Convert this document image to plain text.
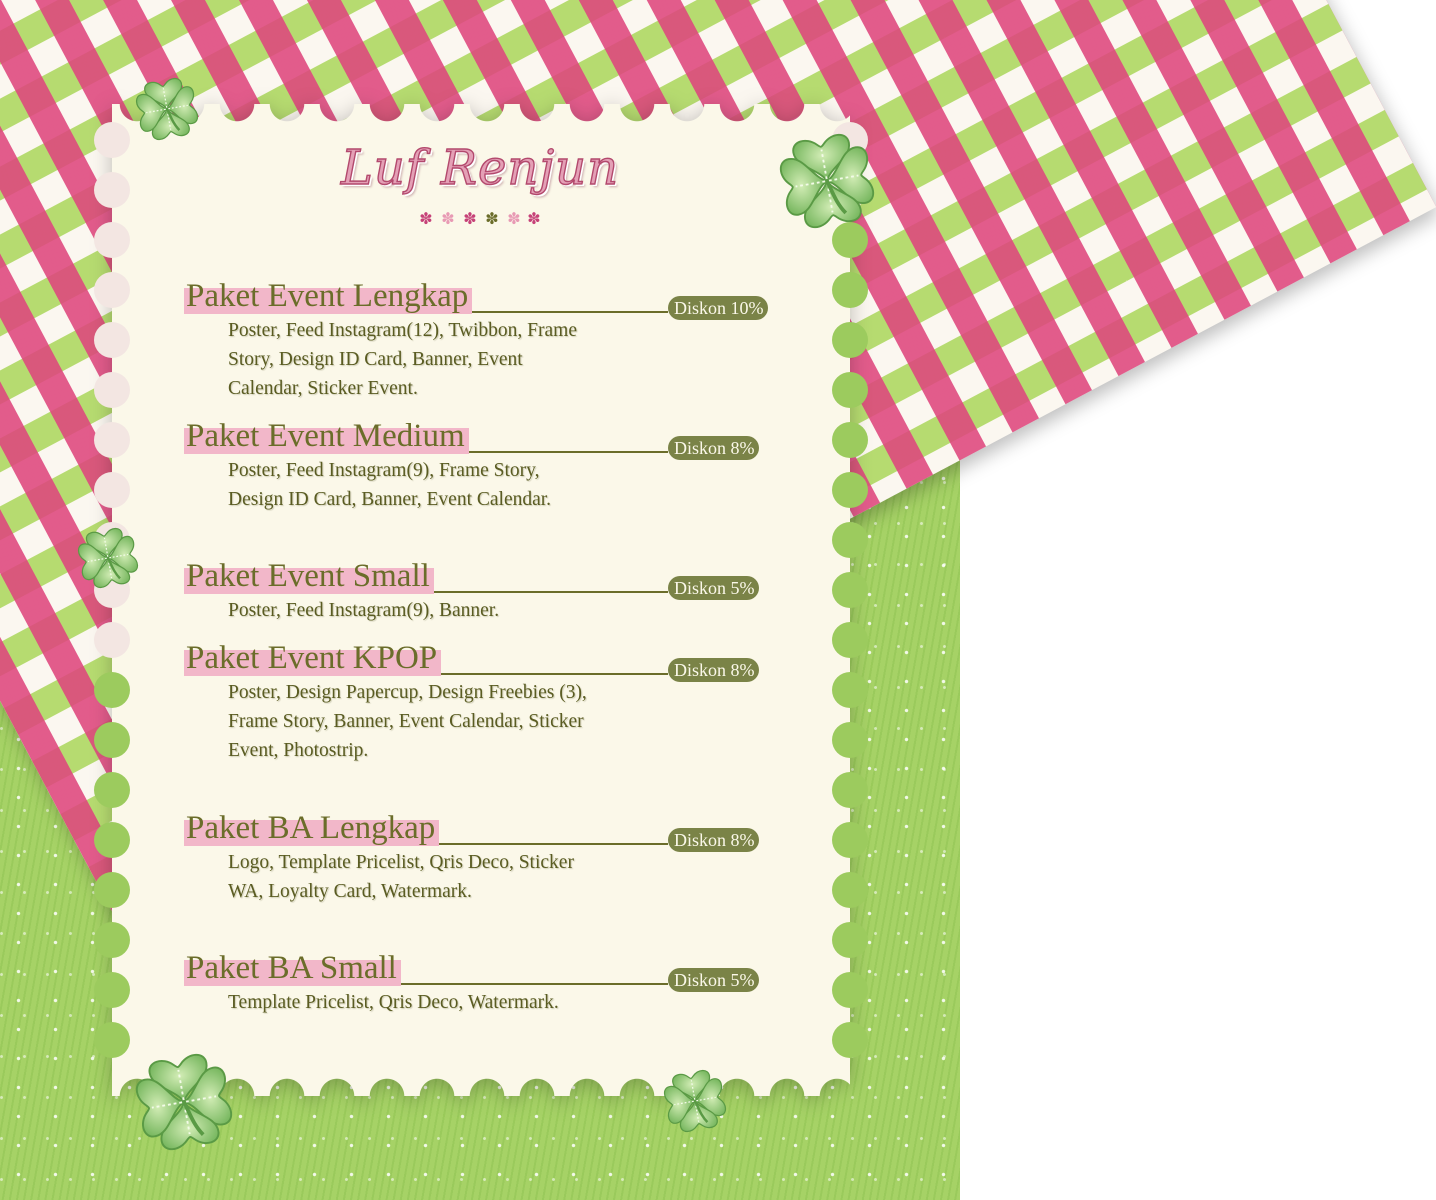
Luf Renjun
✽ ✽ ✽ ✽ ✽ ✽
Paket Event Lengkap	Diskon 10%
Poster, Feed Instagram(12), Twibbon, Frame Story, Design ID Card, Banner, Event Calendar, Sticker Event.
Paket Event Medium	Diskon 8%
Poster, Feed Instagram(9), Frame Story, Design ID Card, Banner, Event Calendar.
Paket Event Small	Diskon 5%
Poster, Feed Instagram(9), Banner.
Paket Event KPOP	Diskon 8%
Poster, Design Papercup, Design Freebies (3), Frame Story, Banner, Event Calendar, Sticker Event, Photostrip.
Paket BA Lengkap	Diskon 8%
Logo, Template Pricelist, Qris Deco, Sticker WA, Loyalty Card, Watermark.
Paket BA Small	Diskon 5%
Template Pricelist, Qris Deco, Watermark.
